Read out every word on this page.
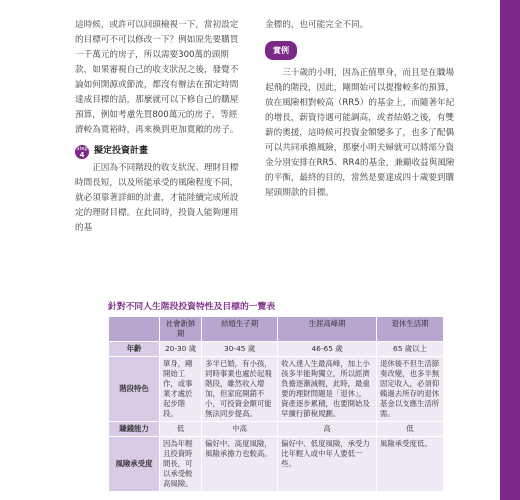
這時候，或許可以回頭檢視一下，當初設定的目標可不可以修改一下？例如原先要購買一千萬元的房子，所以需要300萬的頭期款，如果審視自己的收支狀況之後，發覺不論如何開源或節流，都沒有辦法在預定時間達成目標的話，那麼就可以下修自己的購屋預算，例如考慮先買800萬元的房子，等經濟較為寬裕時，再來換到更加寬敞的房子。

Step
4	擬定投資計畫

正因為不同階段的收支狀況、理財目標時間長短，以及所能承受的風險程度不同，就必須靠著詳細的計畫，才能陸續完成所設定的理財目標。在此同時，投資人能夠運用的基

金標的，也可能完全不同。

實例

三十歲的小明，因為正值單身，而且是在職場起飛的階段，因此，剛開始可以提撥較多的預算，放在風險相對較高（RR5）的基金上，而隨著年紀的增長，薪資待遇可能調高，或者結婚之後，有雙薪的奧援，這時候可投資金額變多了，也多了配偶可以共同承擔風險，那麼小明夫婦就可以將部分資金分別安排在RR5、RR4的基金，兼顧收益與風險的平衡，最終的目的，當然是要達成四十歲要到購屋頭期款的目標。

針對不同人生階段投資特性及目標的一覽表
	社會新鮮期	結婚生子期	生涯高峰期	退休生活期
年齡	20-30 歲	30-45 歲	46-65 歲	65 歲以上
階段特色	單身，剛開始工作，或事業才處於起步階段。	多半已婚，有小孩，同時事業也處於起飛階段，雖然收入增加，但家庭開銷不小，可投資金額可能無法同步提高。	收入達人生最高峰，加上小孩多半能夠獨立，所以經濟負擔逐漸減輕，此時，最重要的理財問題是「退休」，資產逐步累積，也要開始及早擴行節稅規劃。	退休後不但生活節奏改變，也多半無固定收入，必須仰賴過去所存的退休基金以支應生活所需。
賺錢能力	低	中高	高	低
風險承受度	因為年輕且投資時間長，可以承受較高風險。	偏好中、高度風險，風險承擔力也較高。	偏好中、低度風險，承受力比年輕人或中年人要低一些。	風險承受度低。
